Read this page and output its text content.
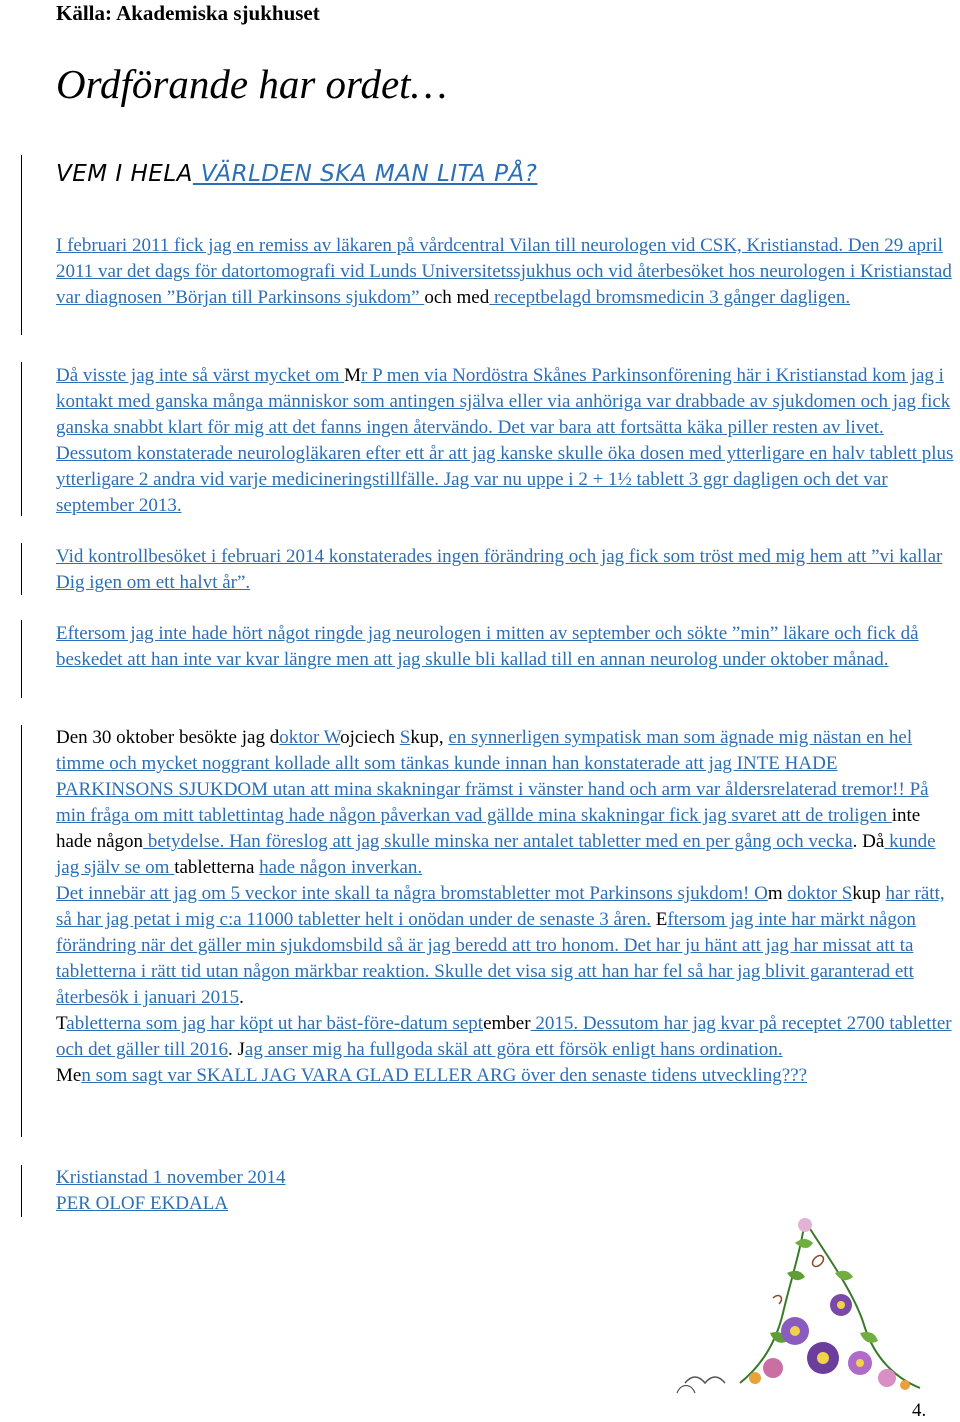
Källa: Akademiska sjukhuset
Ordförande har ordet…
VEM I HELA VÄRLDEN SKA MAN LITA PÅ?
I februari 2011 fick jag en remiss av läkaren på vårdcentral Vilan till neurologen vid CSK, Kristianstad. Den 29 april 2011 var det dags för datortomografi vid Lunds Universitetssjukhus och vid återbesöket hos neurologen i Kristianstad var diagnosen ”Början till Parkinsons sjukdom” och med receptbelagd bromsmedicin 3 gånger dagligen.
Då visste jag inte så värst mycket om Mr P men via Nordöstra Skånes Parkinsonförening här i Kristianstad kom jag i kontakt med ganska många människor som antingen själva eller via anhöriga var drabbade av sjukdomen och jag fick ganska snabbt klart för mig att det fanns ingen återvändo. Det var bara att fortsätta käka piller resten av livet. Dessutom konstaterade neurologläkaren efter ett år att jag kanske skulle öka dosen med ytterligare en halv tablett plus ytterligare 2 andra vid varje medicineringstillfälle. Jag var nu uppe i 2 + 1½ tablett 3 ggr dagligen och det var september 2013.
Vid kontrollbesöket i februari 2014 konstaterades ingen förändring och jag fick som tröst med mig hem att ”vi kallar Dig igen om ett halvt år”.
Eftersom jag inte hade hört något ringde jag neurologen i mitten av september och sökte ”min” läkare och fick då beskedet att han inte var kvar längre men att jag skulle bli kallad till en annan neurolog under oktober månad.

Den 30 oktober besökte jag doktor Wojciech Skup, en synnerligen sympatisk man som ägnade mig nästan en hel timme och mycket noggrant kollade allt som tänkas kunde innan han konstaterade att jag INTE HADE PARKINSONS SJUKDOM utan att mina skakningar främst i vänster hand och arm var åldersrelaterad tremor!! På min fråga om mitt tablettintag hade någon påverkan vad gällde mina skakningar fick jag svaret att de troligen inte hade någon betydelse. Han föreslog att jag skulle minska ner antalet tabletter med en per gång och vecka. Då kunde jag själv se om tabletterna hade någon inverkan.

Det innebär att jag om 5 veckor inte skall ta några bromstabletter mot Parkinsons sjukdom! Om doktor Skup har rätt, så har jag petat i mig c:a 11000 tabletter helt i onödan under de senaste 3 åren. Eftersom jag inte har märkt någon förändring när det gäller min sjukdomsbild så är jag beredd att tro honom. Det har ju hänt att jag har missat att ta tabletterna i rätt tid utan någon märkbar reaktion. Skulle det visa sig att han har fel så har jag blivit garanterad ett återbesök i januari 2015.

Tabletterna som jag har köpt ut har bäst-före-datum september 2015. Dessutom har jag kvar på receptet 2700 tabletter och det gäller till 2016. Jag anser mig ha fullgoda skäl att göra ett försök enligt hans ordination.

Men som sagt var SKALL JAG VARA GLAD ELLER ARG över den senaste tidens utveckling???

Kristianstad 1 november 2014
PER OLOF EKDALA
4.
